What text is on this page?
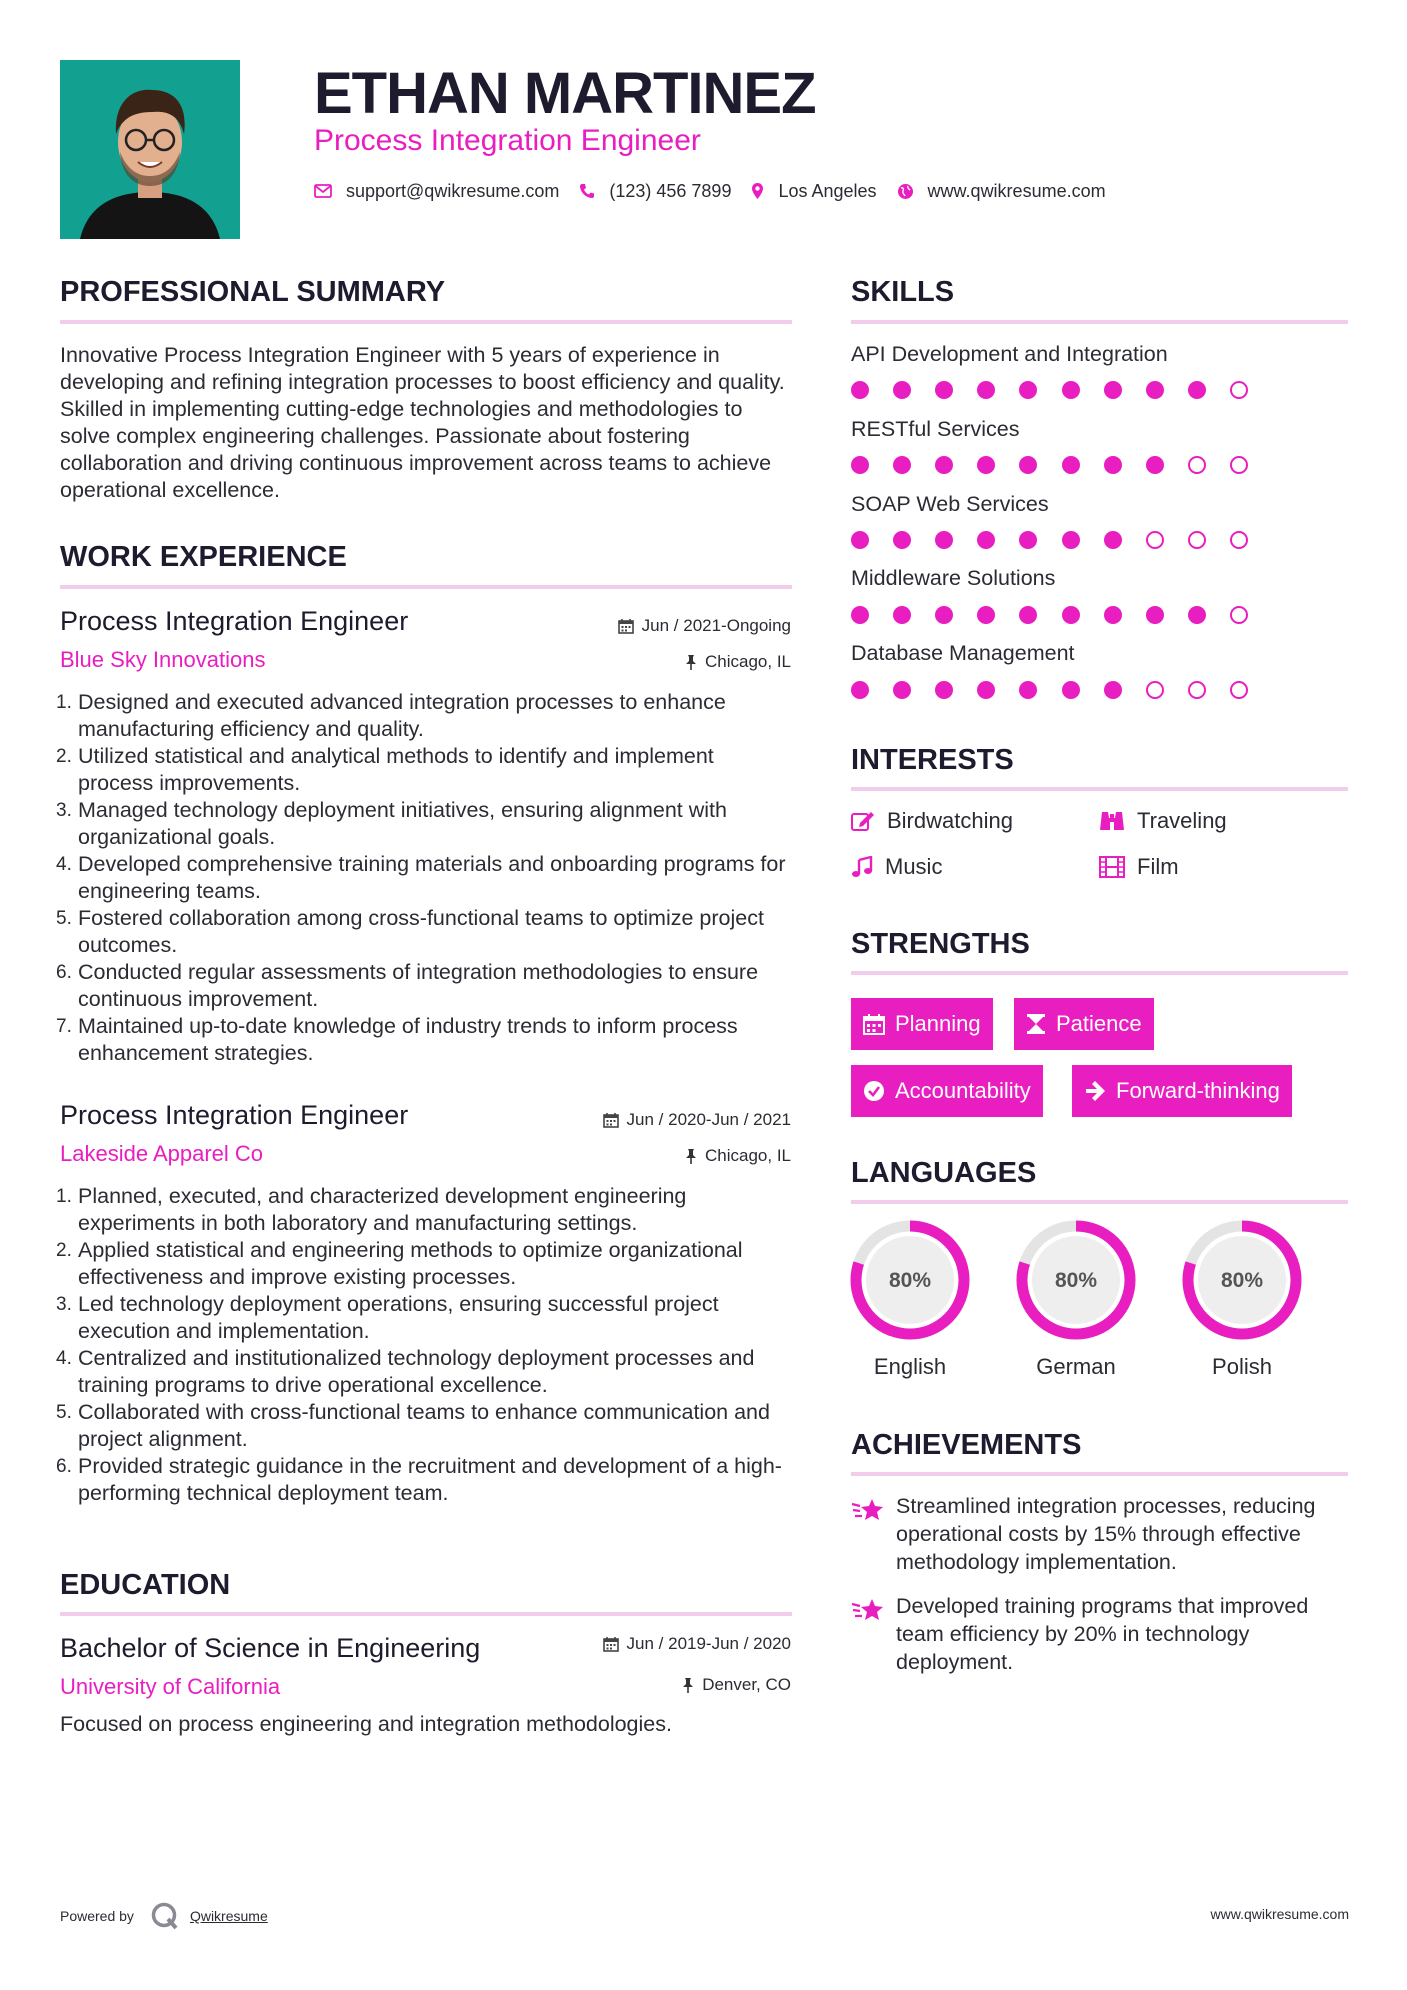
ETHAN MARTINEZ
Process Integration Engineer
support@qwikresume.com	(123) 456 7899	Los Angeles	www.qwikresume.com
PROFESSIONAL SUMMARY
Innovative Process Integration Engineer with 5 years of experience in developing and refining integration processes to boost efficiency and quality. Skilled in implementing cutting-edge technologies and methodologies to solve complex engineering challenges. Passionate about fostering collaboration and driving continuous improvement across teams to achieve operational excellence.
WORK EXPERIENCE
Process Integration Engineer	Jun / 2021-Ongoing
Blue Sky Innovations	Chicago, IL
1. Designed and executed advanced integration processes to enhance manufacturing efficiency and quality.
2. Utilized statistical and analytical methods to identify and implement process improvements.
3. Managed technology deployment initiatives, ensuring alignment with organizational goals.
4. Developed comprehensive training materials and onboarding programs for engineering teams.
5. Fostered collaboration among cross-functional teams to optimize project outcomes.
6. Conducted regular assessments of integration methodologies to ensure continuous improvement.
7. Maintained up-to-date knowledge of industry trends to inform process enhancement strategies.
Process Integration Engineer	Jun / 2020-Jun / 2021
Lakeside Apparel Co	Chicago, IL
1. Planned, executed, and characterized development engineering experiments in both laboratory and manufacturing settings.
2. Applied statistical and engineering methods to optimize organizational effectiveness and improve existing processes.
3. Led technology deployment operations, ensuring successful project execution and implementation.
4. Centralized and institutionalized technology deployment processes and training programs to drive operational excellence.
5. Collaborated with cross-functional teams to enhance communication and project alignment.
6. Provided strategic guidance in the recruitment and development of a high-performing technical deployment team.
EDUCATION
Bachelor of Science in Engineering	Jun / 2019-Jun / 2020
University of California	Denver, CO
Focused on process engineering and integration methodologies.
SKILLS
API Development and Integration
RESTful Services
SOAP Web Services
Middleware Solutions
Database Management
INTERESTS
Birdwatching	Traveling
Music	Film
STRENGTHS
Planning	Patience
Accountability	Forward-thinking
LANGUAGES
80%	80%	80%
English	German	Polish
ACHIEVEMENTS
Streamlined integration processes, reducing operational costs by 15% through effective methodology implementation.
Developed training programs that improved team efficiency by 20% in technology deployment.
Powered by	Qwikresume	www.qwikresume.com
